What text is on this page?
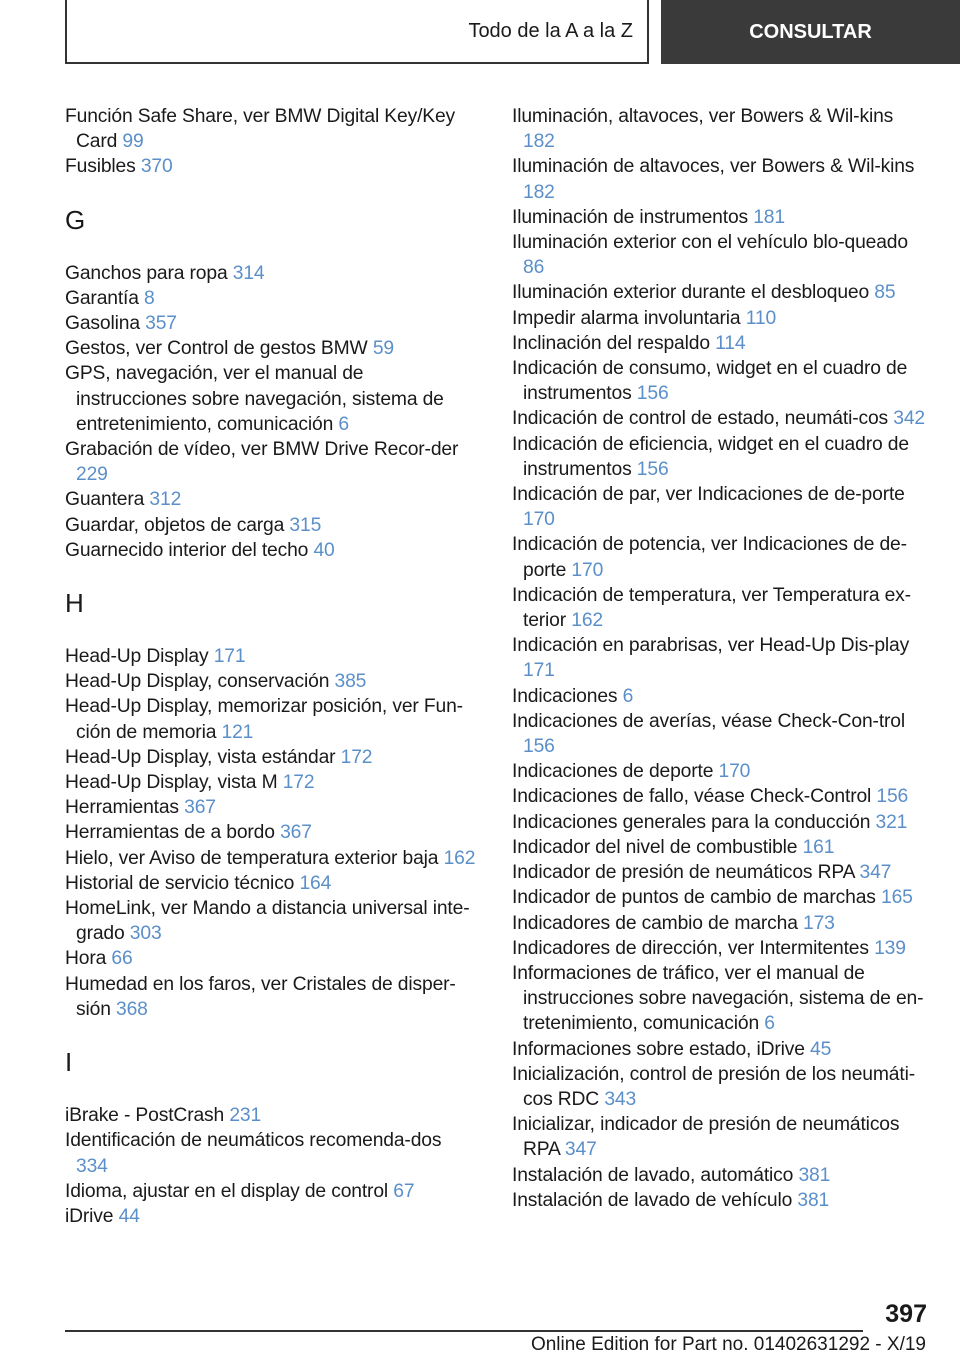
Todo de la A a la Z	CONSULTAR
Función Safe Share, ver BMW Digital Key/Key Card 99
Fusibles 370
G
Ganchos para ropa 314
Garantía 8
Gasolina 357
Gestos, ver Control de gestos BMW 59
GPS, navegación, ver el manual de instrucciones sobre navegación, sistema de entretenimiento, comunicación 6
Grabación de vídeo, ver BMW Drive Recor-der 229
Guantera 312
Guardar, objetos de carga 315
Guarnecido interior del techo 40
H
Head-Up Display 171
Head-Up Display, conservación 385
Head-Up Display, memorizar posición, ver Fun-ción de memoria 121
Head-Up Display, vista estándar 172
Head-Up Display, vista M 172
Herramientas 367
Herramientas de a bordo 367
Hielo, ver Aviso de temperatura exterior baja 162
Historial de servicio técnico 164
HomeLink, ver Mando a distancia universal inte-grado 303
Hora 66
Humedad en los faros, ver Cristales de disper-sión 368
I
iBrake - PostCrash 231
Identificación de neumáticos recomenda-dos 334
Idioma, ajustar en el display de control 67
iDrive 44
Iluminación, altavoces, ver Bowers & Wil-kins 182
Iluminación de altavoces, ver Bowers & Wil-kins 182
Iluminación de instrumentos 181
Iluminación exterior con el vehículo blo-queado 86
Iluminación exterior durante el desbloqueo 85
Impedir alarma involuntaria 110
Inclinación del respaldo 114
Indicación de consumo, widget en el cuadro de instrumentos 156
Indicación de control de estado, neumáti-cos 342
Indicación de eficiencia, widget en el cuadro de instrumentos 156
Indicación de par, ver Indicaciones de de-porte 170
Indicación de potencia, ver Indicaciones de de-porte 170
Indicación de temperatura, ver Temperatura ex-terior 162
Indicación en parabrisas, ver Head-Up Dis-play 171
Indicaciones 6
Indicaciones de averías, véase Check-Con-trol 156
Indicaciones de deporte 170
Indicaciones de fallo, véase Check-Control 156
Indicaciones generales para la conducción 321
Indicador del nivel de combustible 161
Indicador de presión de neumáticos RPA 347
Indicador de puntos de cambio de marchas 165
Indicadores de cambio de marcha 173
Indicadores de dirección, ver Intermitentes 139
Informaciones de tráfico, ver el manual de instrucciones sobre navegación, sistema de en-tretenimiento, comunicación 6
Informaciones sobre estado, iDrive 45
Inicialización, control de presión de los neumáti-cos RDC 343
Inicializar, indicador de presión de neumáticos RPA 347
Instalación de lavado, automático 381
Instalación de lavado de vehículo 381
397
Online Edition for Part no. 01402631292 - X/19
